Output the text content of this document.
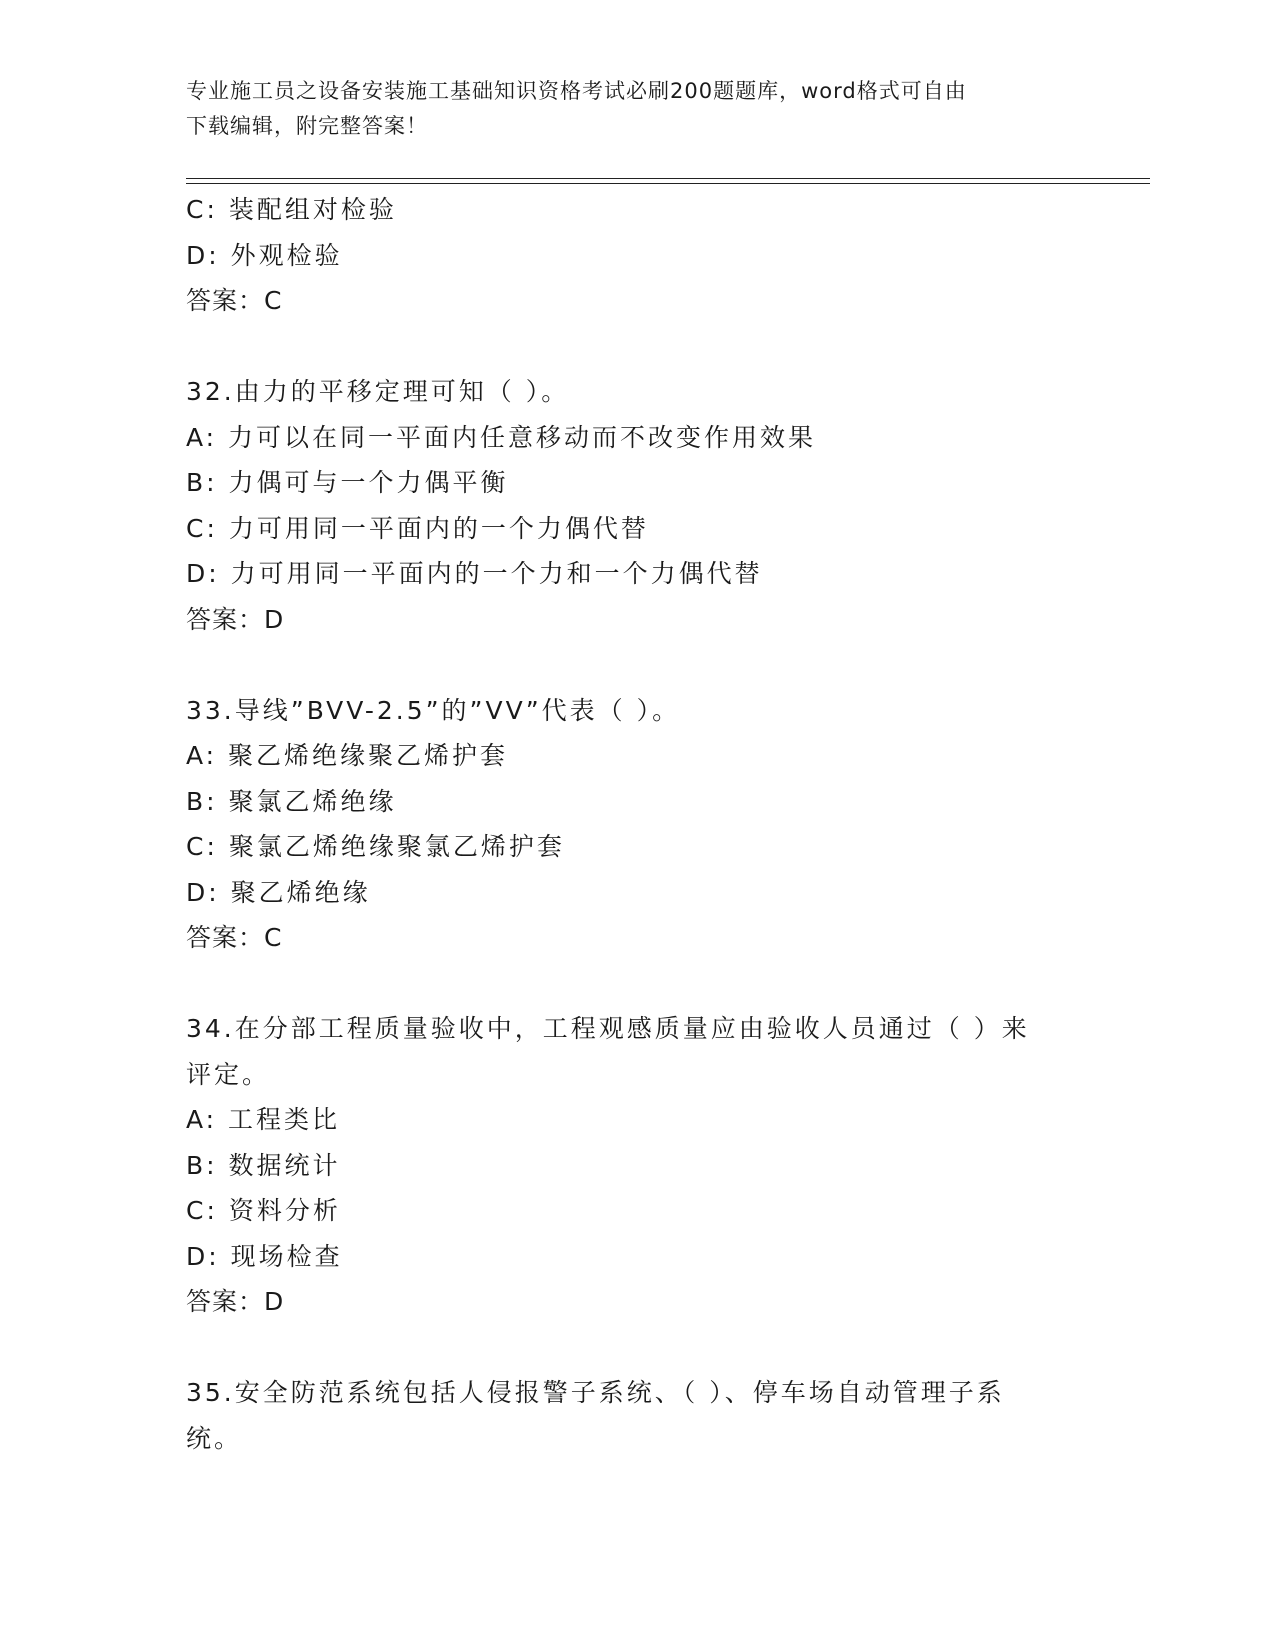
专业施工员之设备安装施工基础知识资格考试必刷200题题库，word格式可自由
下载编辑，附完整答案！
C: 装配组对检验
D: 外观检验
答案：C
32.由力的平移定理可知（ ）。
A: 力可以在同一平面内任意移动而不改变作用效果
B: 力偶可与一个力偶平衡
C: 力可用同一平面内的一个力偶代替
D: 力可用同一平面内的一个力和一个力偶代替
答案：D
33.导线”BVV-2.5”的”VV”代表（ ）。
A: 聚乙烯绝缘聚乙烯护套
B: 聚氯乙烯绝缘
C: 聚氯乙烯绝缘聚氯乙烯护套
D: 聚乙烯绝缘
答案：C
34.在分部工程质量验收中，工程观感质量应由验收人员通过（ ）来
评定。
A: 工程类比
B: 数据统计
C: 资料分析
D: 现场检查
答案：D
35.安全防范系统包括人侵报警子系统、（ ）、停车场自动管理子系
统。
